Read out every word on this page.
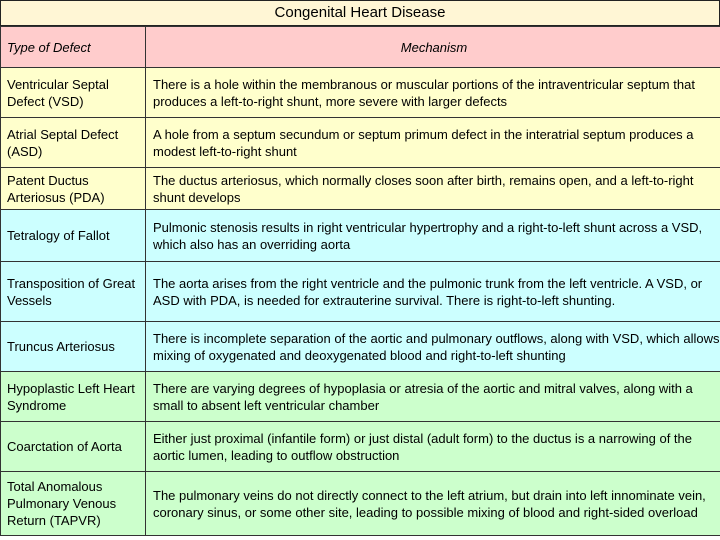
Congenital Heart Disease
Type of Defect	Mechanism
Ventricular Septal Defect (VSD)	There is a hole within the membranous or muscular portions of the intraventricular septum that produces a left-to-right shunt, more severe with larger defects
Atrial Septal Defect (ASD)	A hole from a septum secundum or septum primum defect in the interatrial septum produces a modest left-to-right shunt
Patent Ductus Arteriosus (PDA)	The ductus arteriosus, which normally closes soon after birth, remains open, and a left-to-right shunt develops
Tetralogy of Fallot	Pulmonic stenosis results in right ventricular hypertrophy and a right-to-left shunt across a VSD, which also has an overriding aorta
Transposition of Great Vessels	The aorta arises from the right ventricle and the pulmonic trunk from the left ventricle. A VSD, or ASD with PDA, is needed for extrauterine survival. There is right-to-left shunting.
Truncus Arteriosus	There is incomplete separation of the aortic and pulmonary outflows, along with VSD, which allows mixing of oxygenated and deoxygenated blood and right-to-left shunting
Hypoplastic Left Heart Syndrome	There are varying degrees of hypoplasia or atresia of the aortic and mitral valves, along with a small to absent left ventricular chamber
Coarctation of Aorta	Either just proximal (infantile form) or just distal (adult form) to the ductus is a narrowing of the aortic lumen, leading to outflow obstruction
Total Anomalous Pulmonary Venous Return (TAPVR)	The pulmonary veins do not directly connect to the left atrium, but drain into left innominate vein, coronary sinus, or some other site, leading to possible mixing of blood and right-sided overload
